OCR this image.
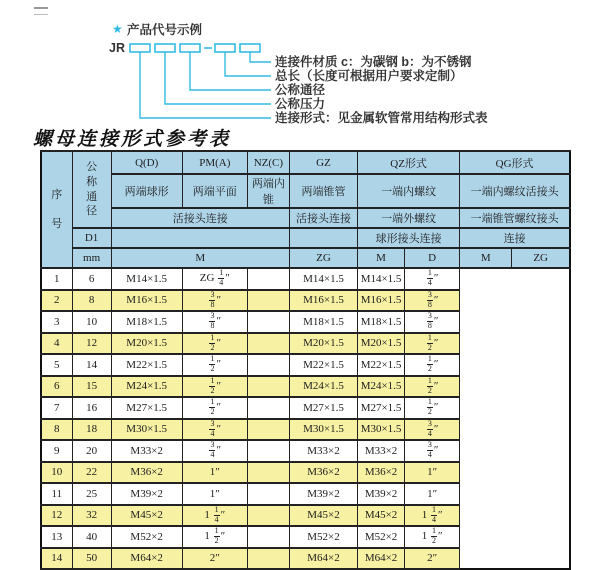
★ 产品代号示例
JR
连接件材质 c：为碳钢 b：为不锈钢
总长（长度可根据用户要求定制）
公称通径
公称压力
连接形式：见金属软管常用结构形式表
螺母连接形式参考表
序号	公称通径	Q(D)	PM(A)	NZ(C)	GZ	QZ形式		QG形式	
		两端球形	两端平面	两端内锥	两端锥管	一端内螺纹		一端内螺纹活接头	
		活接头连接			活接头连接	一端外螺纹		一端锥管螺纹接头	
	D1					球形接头连接		连接	
	mm	M			ZG	M	D	M	ZG
1	6	M14×1.5	ZG $\frac{1}{4}$ ″		M14×1.5	M14×1.5	$\frac{1}{4}$ ″		
2	8	M16×1.5	$\frac{3}{8}$ ″		M16×1.5	M16×1.5	$\frac{3}{8}$ ″		
3	10	M18×1.5	$\frac{3}{8}$ ″		M18×1.5	M18×1.5	$\frac{3}{8}$ ″		
4	12	M20×1.5	$\frac{1}{2}$ ″		M20×1.5	M20×1.5	$\frac{1}{2}$ ″		
5	14	M22×1.5	$\frac{1}{2}$ ″		M22×1.5	M22×1.5	$\frac{1}{2}$ ″		
6	15	M24×1.5	$\frac{1}{2}$ ″		M24×1.5	M24×1.5	$\frac{1}{2}$ ″		
7	16	M27×1.5	$\frac{1}{2}$ ″		M27×1.5	M27×1.5	$\frac{1}{2}$ ″		
8	18	M30×1.5	$\frac{3}{4}$ ″		M30×1.5	M30×1.5	$\frac{3}{4}$ ″		
9	20	M33×2	$\frac{3}{4}$ ″		M33×2	M33×2	$\frac{3}{4}$ ″		
10	22	M36×2	1″		M36×2	M36×2	1″		
11	25	M39×2	1″		M39×2	M39×2	1″		
12	32	M45×2	$1 \frac{1}{4}$ ″		M45×2	M45×2	$1 \frac{1}{4}$ ″		
13	40	M52×2	$1 \frac{1}{2}$ ″		M52×2	M52×2	$1 \frac{1}{2}$ ″		
14	50	M64×2	2″		M64×2	M64×2	2″		
